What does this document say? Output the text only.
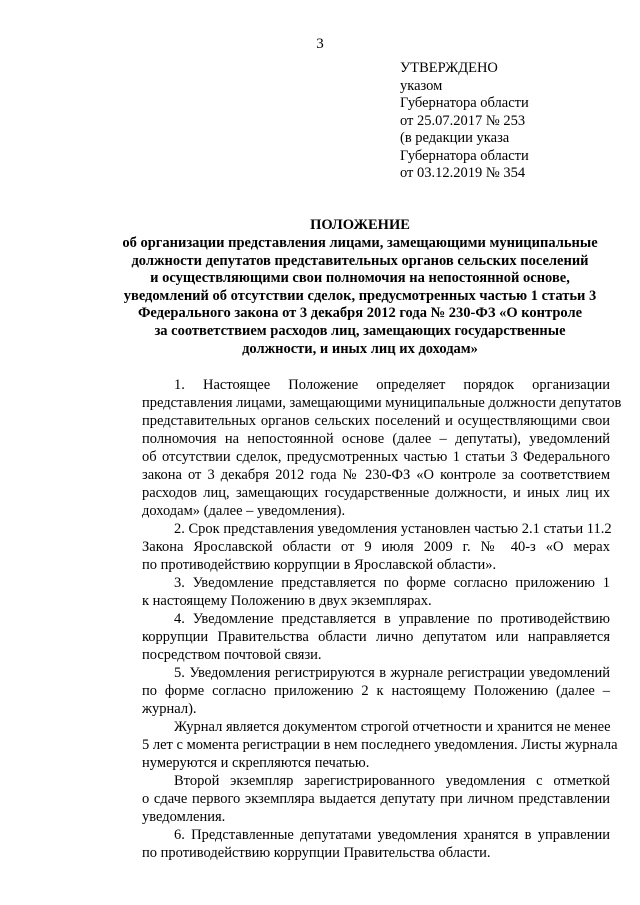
3
УТВЕРЖДЕНО
указом
Губернатора области
от 25.07.2017 № 253
(в редакции указа
Губернатора области
от 03.12.2019 № 354
ПОЛОЖЕНИЕ
об организации представления лицами, замещающими муниципальные
должности депутатов представительных органов сельских поселений
и осуществляющими свои полномочия на непостоянной основе,
уведомлений об отсутствии сделок, предусмотренных частью 1 статьи 3
Федерального закона от 3 декабря 2012 года № 230-ФЗ «О контроле
за соответствием расходов лиц, замещающих государственные
должности, и иных лиц их доходам»
1. Настоящее Положение определяет порядок организации
представления лицами, замещающими муниципальные должности депутатов
представительных органов сельских поселений и осуществляющими свои
полномочия на непостоянной основе (далее – депутаты), уведомлений
об отсутствии сделок, предусмотренных частью 1 статьи 3 Федерального
закона от 3 декабря 2012 года № 230-ФЗ «О контроле за соответствием
расходов лиц, замещающих государственные должности, и иных лиц их
доходам» (далее – уведомления).
2. Срок представления уведомления установлен частью 2.1 статьи 11.2
Закона Ярославской области от 9 июля 2009 г. № 40-з «О мерах
по противодействию коррупции в Ярославской области».
3. Уведомление представляется по форме согласно приложению 1
к настоящему Положению в двух экземплярах.
4. Уведомление представляется в управление по противодействию
коррупции Правительства области лично депутатом или направляется
посредством почтовой связи.
5. Уведомления регистрируются в журнале регистрации уведомлений
по форме согласно приложению 2 к настоящему Положению (далее –
журнал).
Журнал является документом строгой отчетности и хранится не менее
5 лет с момента регистрации в нем последнего уведомления. Листы журнала
нумеруются и скрепляются печатью.
Второй экземпляр зарегистрированного уведомления с отметкой
о сдаче первого экземпляра выдается депутату при личном представлении
уведомления.
6. Представленные депутатами уведомления хранятся в управлении
по противодействию коррупции Правительства области.
